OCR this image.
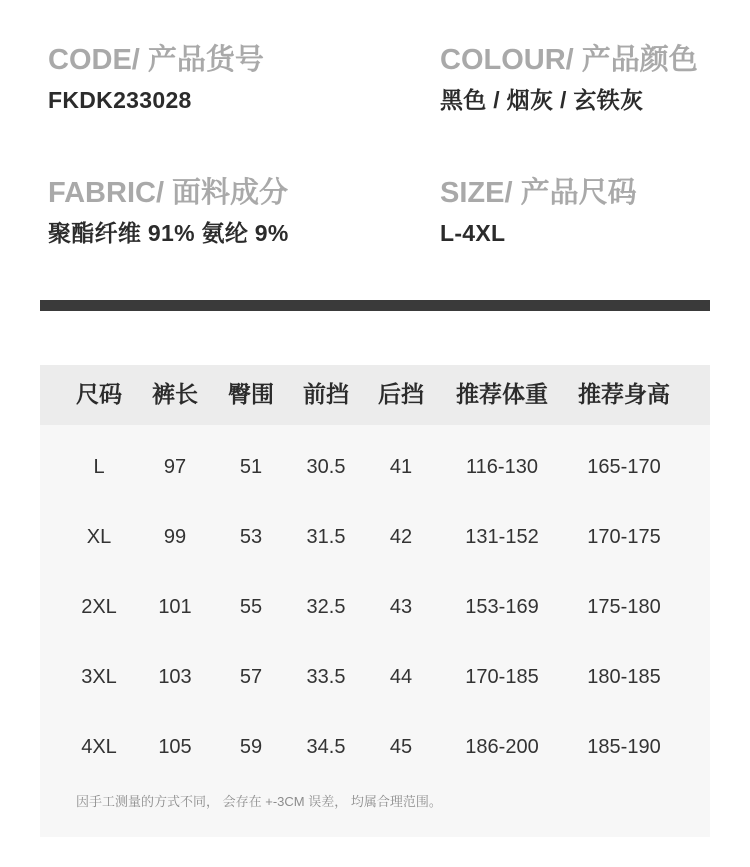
CODE/ 产品货号
FKDK233028
COLOUR/ 产品颜色
黑色 / 烟灰 / 玄铁灰
FABRIC/ 面料成分
聚酯纤维 91% 氨纶 9%
SIZE/ 产品尺码
L-4XL
尺码 裤长 臀围 前挡 后挡 推荐体重 推荐身高
L	97	51 30.5 41	116-130 165-170
XL	99	53 31.5 42	131-152 170-175
2XL 101 55 32.5 43	153-169 175-180
3XL 103 57 33.5 44	170-185 180-185
4XL 105 59 34.5 45	186-200 185-190
因手工测量的方式不同， 会存在 +-3CM 误差， 均属合理范围。
